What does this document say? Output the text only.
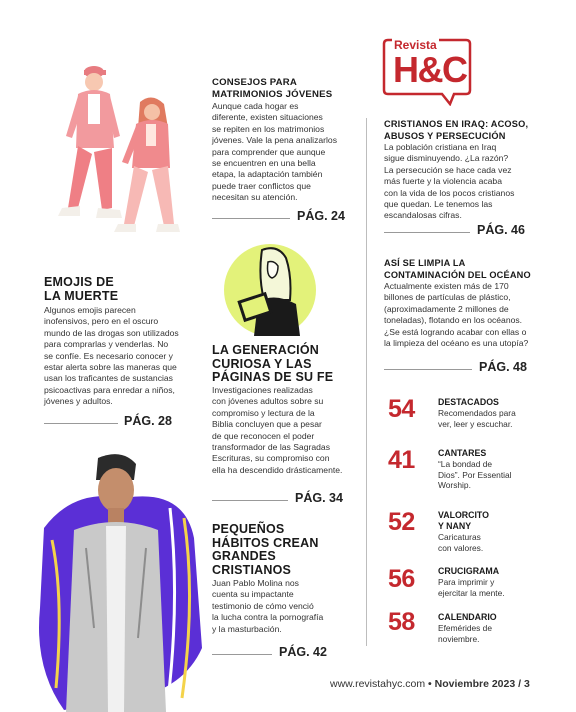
CONSEJOS PARA
MATRIMONIOS JÓVENES
Aunque cada hogar es
diferente, existen situaciones
se repiten en los matrimonios
jóvenes. Vale la pena analizarlos
para comprender que aunque
se encuentren en una bella
etapa, la adaptación también
puede traer conflictos que
necesitan su atención.
PÁG. 24
Revista
H&C
CRISTIANOS EN IRAQ: ACOSO,
ABUSOS Y PERSECUCIÓN
La población cristiana en Iraq
sigue disminuyendo. ¿La razón?
La persecución se hace cada vez
más fuerte y la violencia acaba
con la vida de los pocos cristianos
que quedan. Le tenemos las
escandalosas cifras.
PÁG. 46
ASÍ SE LIMPIA LA
CONTAMINACIÓN DEL OCÉANO
Actualmente existen más de 170
billones de partículas de plástico,
(aproximadamente 2 millones de
toneladas), flotando en los océanos.
¿Se está logrando acabar con ellas o
la limpieza del océano es una utopía?
PÁG. 48
EMOJIS DE
LA MUERTE
Algunos emojis parecen
inofensivos, pero en el oscuro
mundo de las drogas son utilizados
para comprarlas y venderlas. No
se confíe. Es necesario conocer y
estar alerta sobre las maneras que
usan los traficantes de sustancias
psicoactivas para enredar a niños,
jóvenes y adultos.
PÁG. 28
LA GENERACIÓN
CURIOSA Y LAS
PÁGINAS DE SU FE
Investigaciones realizadas
con jóvenes adultos sobre su
compromiso y lectura de la
Biblia concluyen que a pesar
de que reconocen el poder
transformador de las Sagradas
Escrituras, su compromiso con
ella ha descendido drásticamente.
PÁG. 34
PEQUEÑOS
HÁBITOS CREAN
GRANDES
CRISTIANOS
Juan Pablo Molina nos
cuenta su impactante
testimonio de cómo venció
la lucha contra la pornografía
y la masturbación.
PÁG. 42
54	DESTACADOS
Recomendados para
ver, leer y escuchar.
41	CANTARES
“La bondad de
Dios”. Por Essential
Worship.
52	VALORCITO
Y NANY
Caricaturas
con valores.
56	CRUCIGRAMA
Para imprimir y
ejercitar la mente.
58	CALENDARIO
Efemérides de
noviembre.
www.revistahyc.com • Noviembre 2023 / 3
